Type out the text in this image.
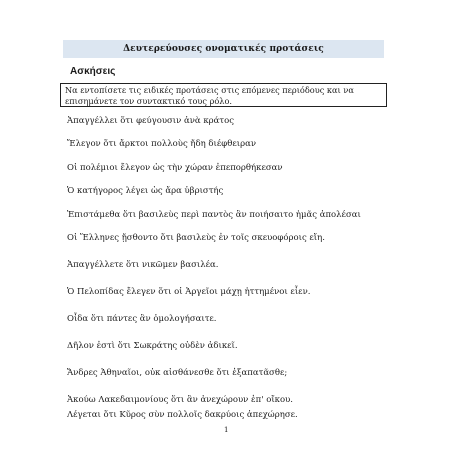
Δευτερεύουσες ονοματικές προτάσεις
Ασκήσεις
Να εντοπίσετε τις ειδικές προτάσεις στις επόμενες περιόδους και να επισημάνετε τον συντακτικό τους ρόλο.
Ἀπαγγέλλει ὅτι φεύγουσιν ἀνὰ κράτος
Ἔλεγον ὅτι ἄρκτοι πολλοὺς ἤδη διέφθειραν
Οἱ πολέμιοι ἔλεγον ὡς τὴν χώραν ἐπεπορθήκεσαν
Ὁ κατήγορος λέγει ὡς ἄρα ὑβριστής
Ἐπιστάμεθα ὅτι βασιλεὺς περὶ παντὸς ἂν ποιήσαιτο ἡμᾶς ἀπολέσαι
Οἱ Ἕλληνες ᾔσθοντο ὅτι βασιλεὺς ἐν τοῖς σκευοφόροις εἴη.
Ἀπαγγέλλετε ὅτι νικῶμεν βασιλέα.
Ὁ Πελοπίδας ἔλεγεν ὅτι οἱ Ἀργεῖοι μάχῃ ἡττημένοι εἶεν.
Οἶδα ὅτι πάντες ἂν ὁμολογήσαιτε.
Δῆλον ἐστὶ ὅτι Σωκράτης οὐδὲν ἀδικεῖ.
Ἄνδρες Ἀθηναῖοι, οὐκ αἰσθάνεσθε ὅτι ἐξαπατᾶσθε;
Ἀκούω Λακεδαιμονίους ὅτι ἂν ἀνεχώρουν ἐπ' οἴκου.
Λέγεται ὅτι Κῦρος σὺν πολλοῖς δακρύοις ἀπεχώρησε.
1
